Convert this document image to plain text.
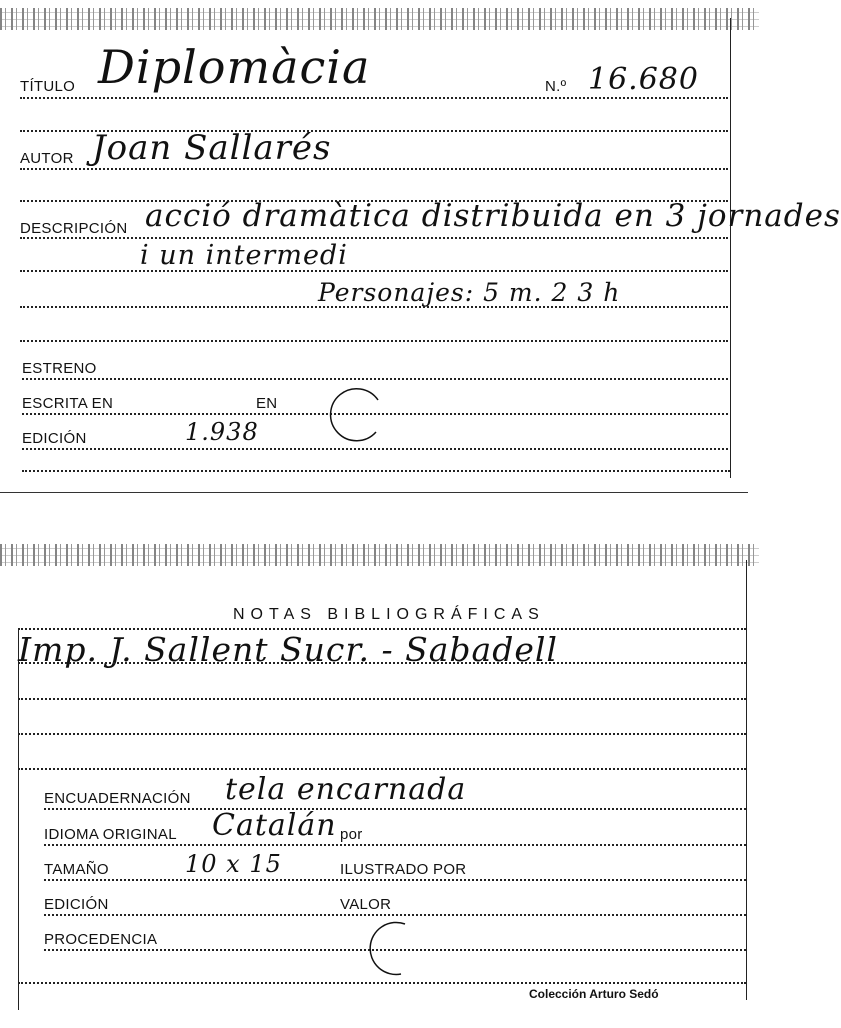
TÍTULO Diplomàcia	N.º 16.680
AUTOR Joan Sallarés
DESCRIPCIÓN acció dramàtica distribuida en 3 jornades
i un intermedi
Personajes: 5 m. 2 3 h
ESTRENO
ESCRITA EN	EN
EDICIÓN	1.938
NOTAS BIBLIOGRÁFICAS
Imp. J. Sallent Sucr. - Sabadell
ENCUADERNACIÓN tela encarnada
IDIOMA ORIGINAL Catalán por
TAMAÑO	10 x 15	ILUSTRADO POR
EDICIÓN	VALOR
PROCEDENCIA
Colección Arturo Sedó
